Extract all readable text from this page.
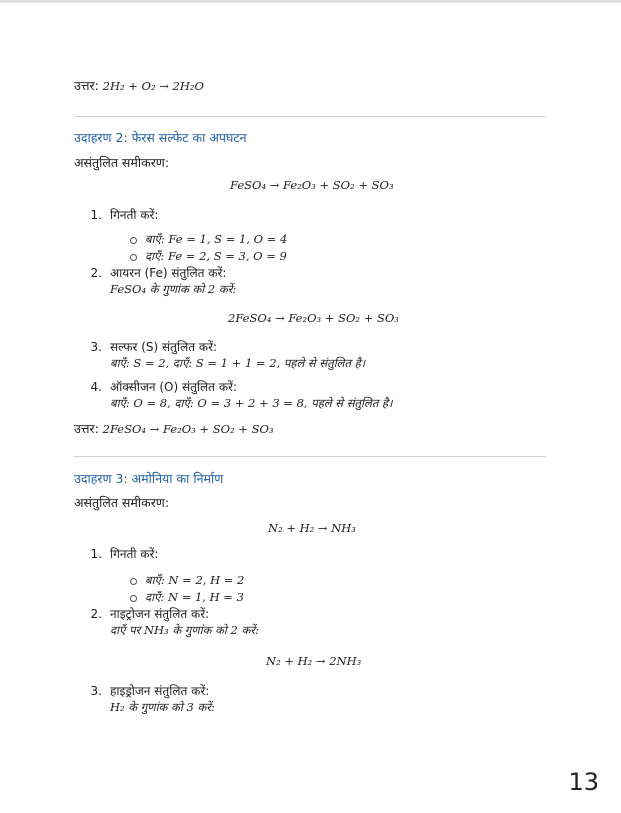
उत्तर: 2H₂ + O₂ → 2H₂O
उदाहरण 2: फेरस सल्फेट का अपघटन
असंतुलित समीकरण:
FeSO₄ → Fe₂O₃ + SO₂ + SO₃
1. गिनती करें:
बाएँ: Fe = 1, S = 1, O = 4
दाएँ: Fe = 2, S = 3, O = 9
2. आयरन (Fe) संतुलित करें:
FeSO₄ के गुणांक को 2 करें:
2FeSO₄ → Fe₂O₃ + SO₂ + SO₃
3. सल्फर (S) संतुलित करें:
बाएँ: S = 2, दाएँ: S = 1 + 1 = 2, पहले से संतुलित है।
4. ऑक्सीजन (O) संतुलित करें:
बाएँ: O = 8, दाएँ: O = 3 + 2 + 3 = 8, पहले से संतुलित है।
उत्तर: 2FeSO₄ → Fe₂O₃ + SO₂ + SO₃
उदाहरण 3: अमोनिया का निर्माण
असंतुलित समीकरण:
N₂ + H₂ → NH₃
1. गिनती करें:
बाएँ: N = 2, H = 2
दाएँ: N = 1, H = 3
2. नाइट्रोजन संतुलित करें:
दाएँ पर NH₃ के गुणांक को 2 करें:
N₂ + H₂ → 2NH₃
3. हाइड्रोजन संतुलित करें:
H₂ के गुणांक को 3 करें:
13
